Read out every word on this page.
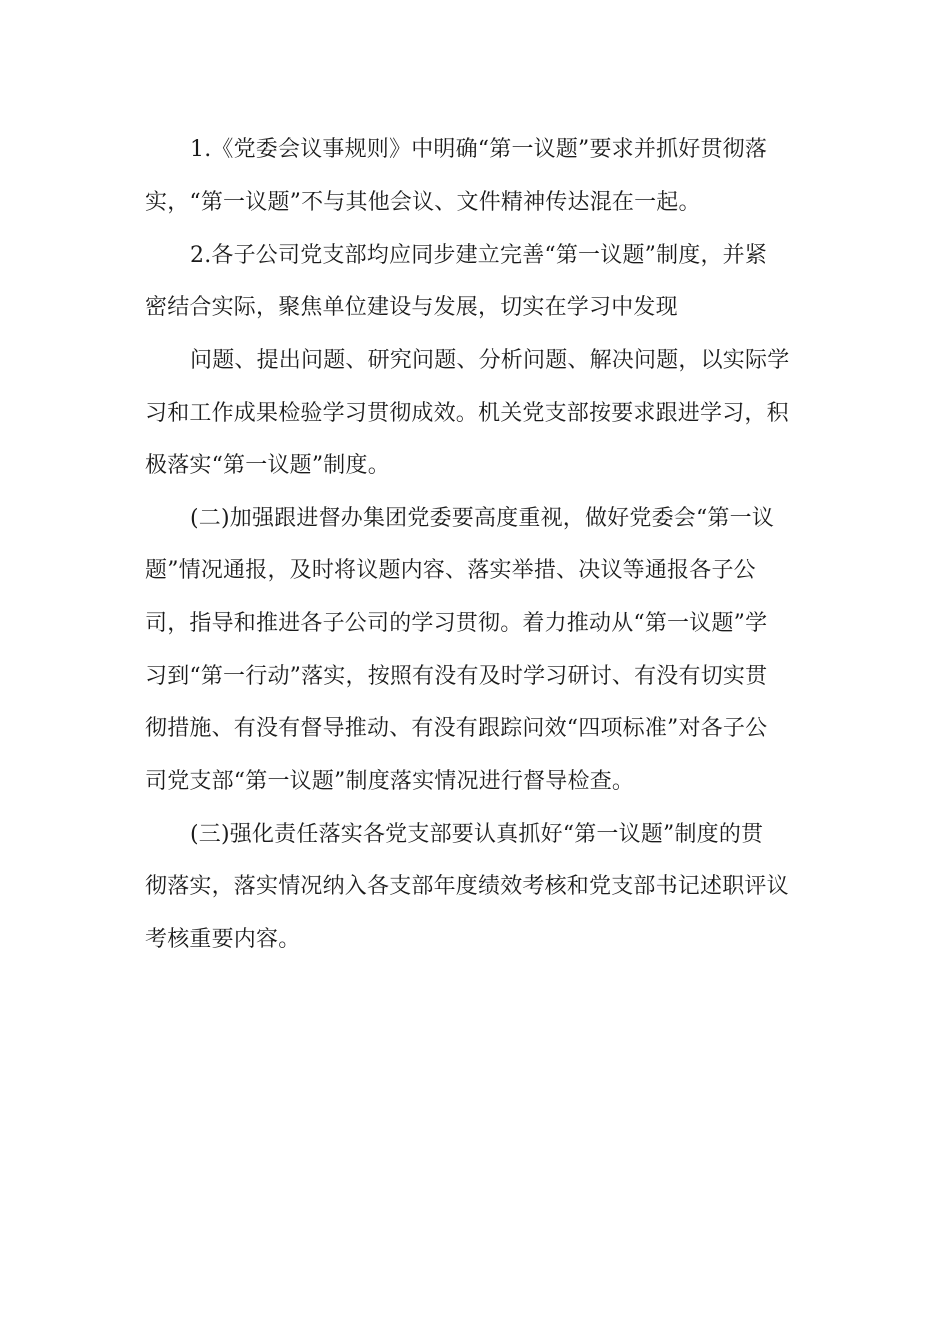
1.《党委会议事规则》中明确“第一议题”要求并抓好贯彻落
实，“第一议题”不与其他会议、文件精神传达混在一起。
2.各子公司党支部均应同步建立完善“第一议题”制度，并紧
密结合实际，聚焦单位建设与发展，切实在学习中发现
问题、提出问题、研究问题、分析问题、解决问题，以实际学
习和工作成果检验学习贯彻成效。机关党支部按要求跟进学习，积
极落实“第一议题”制度。
(二)加强跟进督办集团党委要高度重视，做好党委会“第一议
题”情况通报，及时将议题内容、落实举措、决议等通报各子公
司，指导和推进各子公司的学习贯彻。着力推动从“第一议题”学
习到“第一行动”落实，按照有没有及时学习研讨、有没有切实贯
彻措施、有没有督导推动、有没有跟踪问效“四项标准”对各子公
司党支部“第一议题”制度落实情况进行督导检查。
(三)强化责任落实各党支部要认真抓好“第一议题”制度的贯
彻落实，落实情况纳入各支部年度绩效考核和党支部书记述职评议
考核重要内容。
